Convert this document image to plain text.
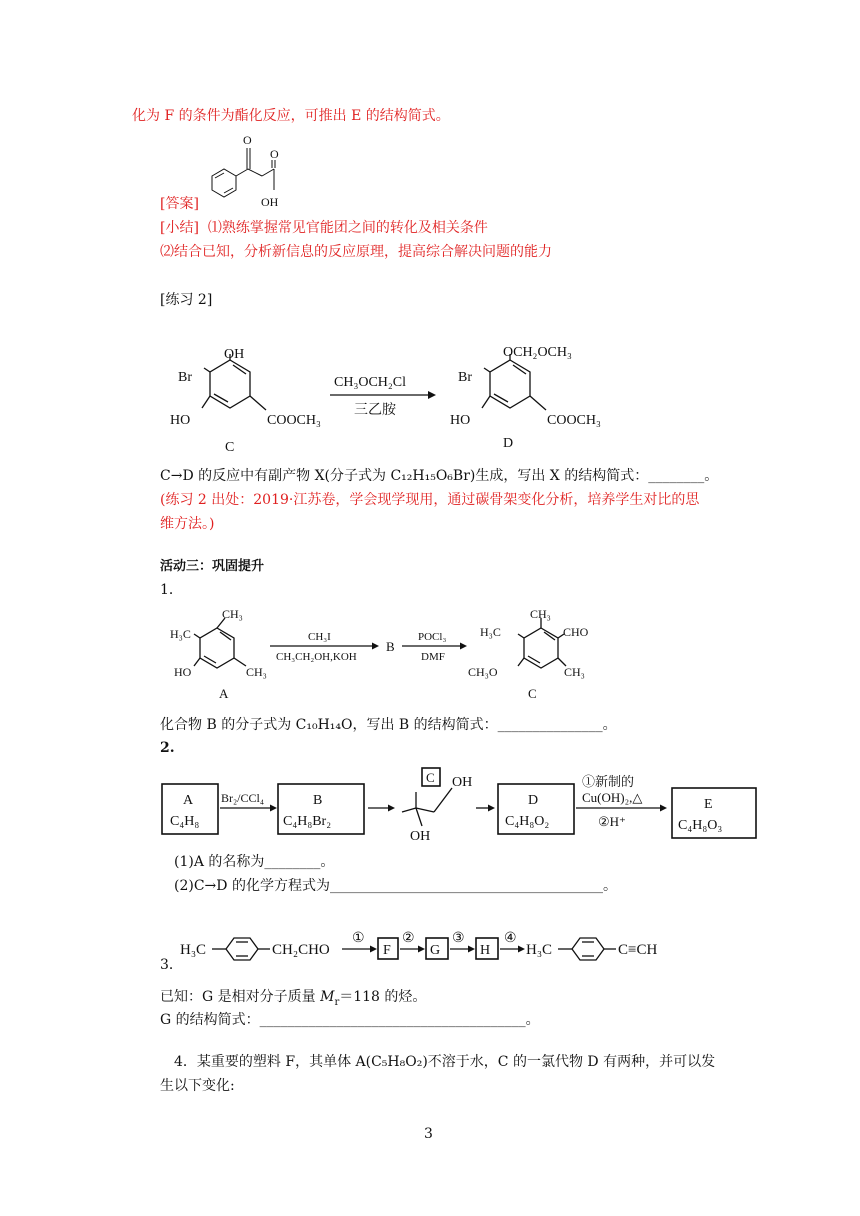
化为 F 的条件为酯化反应，可推出 E 的结构简式。
O
O
OH
[答案]
[小结] ⑴熟练掌握常见官能团之间的转化及相关条件
⑵结合已知，分析新信息的反应原理，提高综合解决问题的能力
[练习 2]
OH
Br
HO	COOCH₃
C
CH₃OCH₂Cl
三乙胺
OCH₂OCH₃
Br
HO	COOCH₃
D
C→D 的反应中有副产物 X(分子式为 C₁₂H₁₅O₆Br)生成，写出 X 的结构简式：________。
(练习 2 出处：2019·江苏卷，学会现学现用，通过碳骨架变化分析，培养学生对比的思
维方法。)
活动三：巩固提升
1．
CH₃
H₃C
HO	CH₃
A
CH₃I
CH₃CH₂OH,KOH
B
POCl₃
DMF
CH₃
CHO
H₃C
CH₃O	CH₃
C
化合物 B 的分子式为 C₁₀H₁₄O，写出 B 的结构简式：_______________。
2.
A
C₄H₈
Br₂/CCl₄	B
C₄H₈Br₂
C OH
OH
D
C₄H₈O₂
①新制的
Cu(OH)₂,△
②H⁺
E
C₄H₈O₃
(1)A 的名称为________。
(2)C→D 的化学方程式为_______________________________________。
H₃C	CH₂CHO
①
F
②
G
③
H
④
H₃C	C≡CH
3．
已知：G 是相对分子质量 $M_r=118$ 的烃。
G 的结构简式：______________________________________。
4．某重要的塑料 F，其单体 A(C₅H₈O₂)不溶于水，C 的一氯代物 D 有两种，并可以发
生以下变化:
3
